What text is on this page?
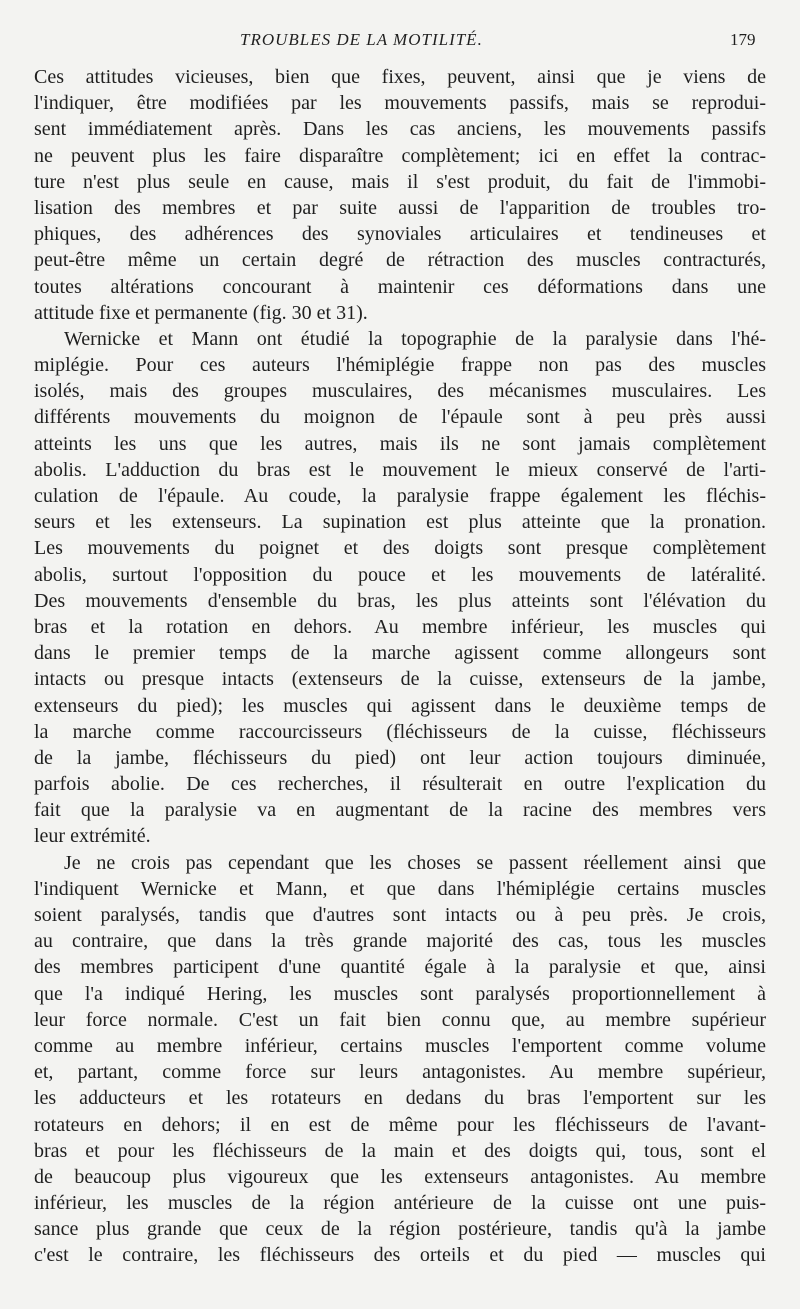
TROUBLES DE LA MOTILITÉ.	179
Ces attitudes vicieuses, bien que fixes, peuvent, ainsi que je viens de
l'indiquer, être modifiées par les mouvements passifs, mais se reprodui-
sent immédiatement après. Dans les cas anciens, les mouvements passifs
ne peuvent plus les faire disparaître complètement; ici en effet la contrac-
ture n'est plus seule en cause, mais il s'est produit, du fait de l'immobi-
lisation des membres et par suite aussi de l'apparition de troubles tro-
phiques, des adhérences des synoviales articulaires et tendineuses et
peut-être même un certain degré de rétraction des muscles contracturés,
toutes altérations concourant à maintenir ces déformations dans une
attitude fixe et permanente (fig. 30 et 31).
Wernicke et Mann ont étudié la topographie de la paralysie dans l'hé-
miplégie. Pour ces auteurs l'hémiplégie frappe non pas des muscles
isolés, mais des groupes musculaires, des mécanismes musculaires. Les
différents mouvements du moignon de l'épaule sont à peu près aussi
atteints les uns que les autres, mais ils ne sont jamais complètement
abolis. L'adduction du bras est le mouvement le mieux conservé de l'arti-
culation de l'épaule. Au coude, la paralysie frappe également les fléchis-
seurs et les extenseurs. La supination est plus atteinte que la pronation.
Les mouvements du poignet et des doigts sont presque complètement
abolis, surtout l'opposition du pouce et les mouvements de latéralité.
Des mouvements d'ensemble du bras, les plus atteints sont l'élévation du
bras et la rotation en dehors. Au membre inférieur, les muscles qui
dans le premier temps de la marche agissent comme allongeurs sont
intacts ou presque intacts (extenseurs de la cuisse, extenseurs de la jambe,
extenseurs du pied); les muscles qui agissent dans le deuxième temps de
la marche comme raccourcisseurs (fléchisseurs de la cuisse, fléchisseurs
de la jambe, fléchisseurs du pied) ont leur action toujours diminuée,
parfois abolie. De ces recherches, il résulterait en outre l'explication du
fait que la paralysie va en augmentant de la racine des membres vers
leur extrémité.
Je ne crois pas cependant que les choses se passent réellement ainsi que
l'indiquent Wernicke et Mann, et que dans l'hémiplégie certains muscles
soient paralysés, tandis que d'autres sont intacts ou à peu près. Je crois,
au contraire, que dans la très grande majorité des cas, tous les muscles
des membres participent d'une quantité égale à la paralysie et que, ainsi
que l'a indiqué Hering, les muscles sont paralysés proportionnellement à
leur force normale. C'est un fait bien connu que, au membre supérieur
comme au membre inférieur, certains muscles l'emportent comme volume
et, partant, comme force sur leurs antagonistes. Au membre supérieur,
les adducteurs et les rotateurs en dedans du bras l'emportent sur les
rotateurs en dehors; il en est de même pour les fléchisseurs de l'avant-
bras et pour les fléchisseurs de la main et des doigts qui, tous, sont el
de beaucoup plus vigoureux que les extenseurs antagonistes. Au membre
inférieur, les muscles de la région antérieure de la cuisse ont une puis-
sance plus grande que ceux de la région postérieure, tandis qu'à la jambe
c'est le contraire, les fléchisseurs des orteils et du pied — muscles qui
